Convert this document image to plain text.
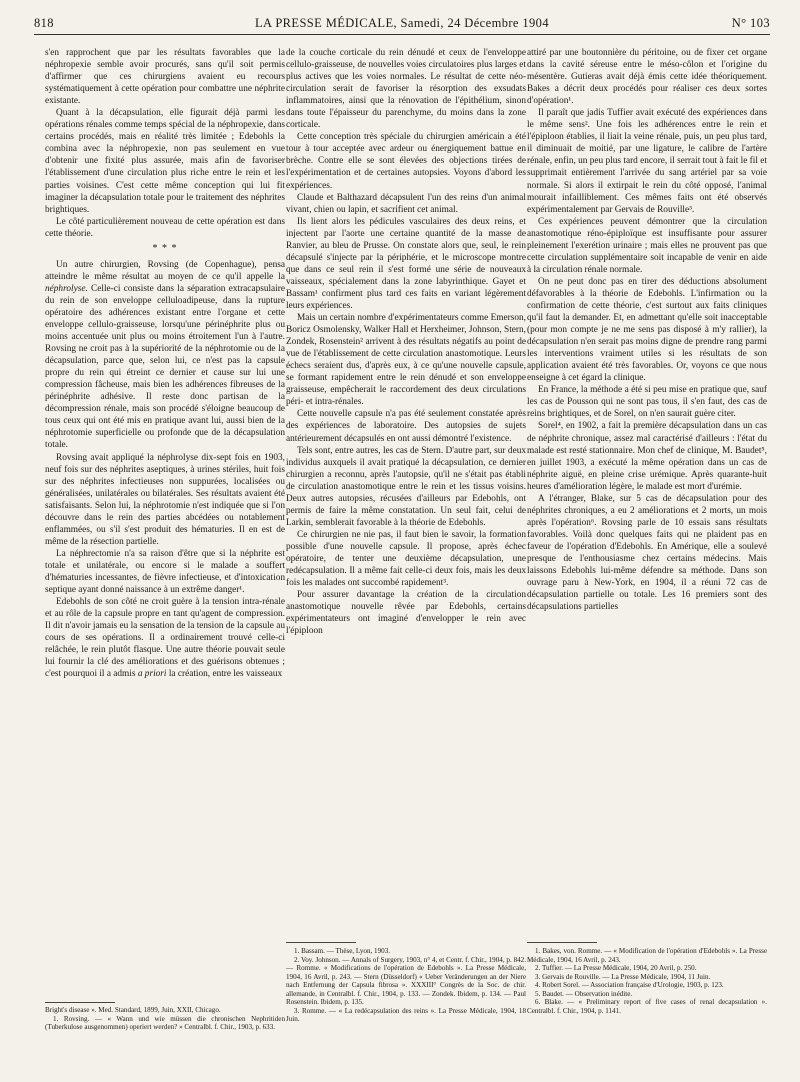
818	LA PRESSE MÉDICALE, Samedi, 24 Décembre 1904	N° 103

s'en rapprochent que par les résultats favorables que la néphropexie semble avoir procurés, sans qu'il soit permis d'affirmer que ces chirurgiens avaient eu recours systématiquement à cette opération pour combattre une néphrite existante.

Quant à la décapsulation, elle figurait déjà parmi les opérations rénales comme temps spécial de la néphropexie, dans certains procédés, mais en réalité très limitée ; Edebohls la combina avec la néphropexie, non pas seulement en vue d'obtenir une fixité plus assurée, mais afin de favoriser l'établissement d'une circulation plus riche entre le rein et les parties voisines. C'est cette même conception qui lui fit imaginer la décapsulation totale pour le traitement des néphrites brightiques.

Le côté particulièrement nouveau de cette opération est dans cette théorie.

* * *

Un autre chirurgien, Rovsing (de Copenhague), pensa atteindre le même résultat au moyen de ce qu'il appelle la néphrolyse. Celle-ci consiste dans la séparation extracapsulaire du rein de son enveloppe celluloadipeuse, dans la rupture opératoire des adhérences existant entre l'organe et cette enveloppe cellulo-graisseuse, lorsqu'une périnéphrite plus ou moins accentuée unit plus ou moins étroitement l'un à l'autre. Rovsing ne croit pas à la supériorité de la néphrotomie ou de la décapsulation, parce que, selon lui, ce n'est pas la capsule propre du rein qui étreint ce dernier et cause sur lui une compression fâcheuse, mais bien les adhérences fibreuses de la périnéphrite adhésive. Il reste donc partisan de la décompression rénale, mais son procédé s'éloigne beaucoup de tous ceux qui ont été mis en pratique avant lui, aussi bien de la néphrotomie superficielle ou profonde que de la décapsulation totale.

Rovsing avait appliqué la néphrolyse dix-sept fois en 1903, neuf fois sur des néphrites aseptiques, à urines stériles, huit fois sur des néphrites infectieuses non suppurées, localisées ou généralisées, unilatérales ou bilatérales. Ses résultats avaient été satisfaisants. Selon lui, la néphrotomie n'est indiquée que si l'on découvre dans le rein des parties abcédées ou notablement enflammées, ou s'il s'est produit des hématuries. Il en est de même de la résection partielle.

La néphrectomie n'a sa raison d'être que si la néphrite est totale et unilatérale, ou encore si le malade a souffert d'hématuries incessantes, de fièvre infectieuse, et d'intoxication septique ayant donné naissance à un extrême danger¹.

Edebohls de son côté ne croit guère à la tension intra-rénale et au rôle de la capsule propre en tant qu'agent de compression. Il dit n'avoir jamais eu la sensation de la tension de la capsule au cours de ses opérations. Il a ordinairement trouvé celle-ci relâchée, le rein plutôt flasque. Une autre théorie pouvait seule lui fournir la clé des améliorations et des guérisons obtenues ; c'est pourquoi il a admis a priori la création, entre les vaisseaux

Bright's disease ». Med. Standard, 1899, Juin, XXII, Chicago.

1. Rovsing. — « Wann und wie müssen die chronischen Nephritiden (Tuberkulose ausgenommen) operiert werden? » Centralbl. f. Chir., 1903, p. 633.

de la couche corticale du rein dénudé et ceux de l'enveloppe cellulo-graisseuse, de nouvelles voies circulatoires plus larges et plus actives que les voies normales. Le résultat de cette néo-circulation serait de favoriser la résorption des exsudats inflammatoires, ainsi que la rénovation de l'épithélium, sinon dans toute l'épaisseur du parenchyme, du moins dans la zone corticale.

Cette conception très spéciale du chirurgien américain a été tour à tour acceptée avec ardeur ou énergiquement battue en brèche. Contre elle se sont élevées des objections tirées de l'expérimentation et de certaines autopsies. Voyons d'abord les expériences.

Claude et Balthazard décapsulent l'un des reins d'un animal vivant, chien ou lapin, et sacrifient cet animal.

Ils lient alors les pédicules vasculaires des deux reins, et injectent par l'aorte une certaine quantité de la masse de Ranvier, au bleu de Prusse. On constate alors que, seul, le rein décapsulé s'injecte par la périphérie, et le microscope montre que dans ce seul rein il s'est formé une série de nouveaux vaisseaux, spécialement dans la zone labyrinthique. Gayet et Bassam¹ confirment plus tard ces faits en variant légèrement leurs expériences.

Mais un certain nombre d'expérimentateurs comme Emerson, Boricz Osmolensky, Walker Hall et Herxheimer, Johnson, Stern, Zondek, Rosenstein² arrivent à des résultats négatifs au point de vue de l'établissement de cette circulation anastomotique. Leurs échecs seraient dus, d'après eux, à ce qu'une nouvelle capsule, se formant rapidement entre le rein dénudé et son enveloppe graisseuse, empêcherait le raccordement des deux circulations péri- et intra-rénales.

Cette nouvelle capsule n'a pas été seulement constatée après des expériences de laboratoire. Des autopsies de sujets antérieurement décapsulés en ont aussi démontré l'existence.

Tels sont, entre autres, les cas de Stern. D'autre part, sur deux individus auxquels il avait pratiqué la décapsulation, ce dernier chirurgien a reconnu, après l'autopsie, qu'il ne s'était pas établi de circulation anastomotique entre le rein et les tissus voisins. Deux autres autopsies, récusées d'ailleurs par Edebohls, ont permis de faire la même constatation. Un seul fait, celui de Larkin, semblerait favorable à la théorie de Edebohls.

Ce chirurgien ne nie pas, il faut bien le savoir, la formation possible d'une nouvelle capsule. Il propose, après échec opératoire, de tenter une deuxième décapsulation, une redécapsulation. Il a même fait celle-ci deux fois, mais les deux fois les malades ont succombé rapidement³.

Pour assurer davantage la création de la circulation anastomotique nouvelle rêvée par Edebohls, certains expérimentateurs ont imaginé d'envelopper le rein avec l'épiploon

1. Bassam. — Thèse, Lyon, 1903.

2. Voy. Johnson. — Annals of Surgery, 1903, n° 4, et Centr. f. Chir., 1904, p. 842. — Romme. « Modifications de l'opération de Edebohls ». La Presse Médicale, 1904, 16 Avril, p. 243. — Stern (Düsseldorf) « Ueber Veränderungen an der Niere nach Entfernung der Capsula fibrosa ». XXXIII° Congrès de la Soc. de chir. allemande, in Centralbl. f. Chir., 1904, p. 133. — Zondek. Ibidem, p. 134. — Paul Rosenstein. Ibidem, p. 135.

3. Romme. — « La redécapsulation des reins ». La Presse Médicale, 1904, 18 Juin.

attiré par une boutonnière du péritoine, ou de fixer cet organe dans la cavité séreuse entre le méso-côlon et l'origine du mésentère. Gutieras avait déjà émis cette idée théoriquement. Bakes a décrit deux procédés pour réaliser ces deux sortes d'opération¹.

Il paraît que jadis Tuffier avait exécuté des expériences dans le même sens². Une fois les adhérences entre le rein et l'épiploon établies, il liait la veine rénale, puis, un peu plus tard, il diminuait de moitié, par une ligature, le calibre de l'artère rénale, enfin, un peu plus tard encore, il serrait tout à fait le fil et supprimait entièrement l'arrivée du sang artériel par sa voie normale. Si alors il extirpait le rein du côté opposé, l'animal mourait infailliblement. Ces mêmes faits ont été observés expérimentalement par Gervais de Rouville³.

Ces expériences peuvent démontrer que la circulation anastomotique réno-épiploïque est insuffisante pour assurer pleinement l'exerétion urinaire ; mais elles ne prouvent pas que cette circulation supplémentaire soit incapable de venir en aide à la circulation rénale normale.

On ne peut donc pas en tirer des déductions absolument défavorables à la théorie de Edebohls. L'infirmation ou la confirmation de cette théorie, c'est surtout aux faits cliniques qu'il faut la demander. Et, en admettant qu'elle soit inacceptable (pour mon compte je ne me sens pas disposé à m'y rallier), la décapsulation n'en serait pas moins digne de prendre rang parmi les interventions vraiment utiles si les résultats de son application avaient été très favorables. Or, voyons ce que nous enseigne à cet égard la clinique.

En France, la méthode a été si peu mise en pratique que, sauf les cas de Pousson qui ne sont pas tous, il s'en faut, des cas de reins brightiques, et de Sorel, on n'en saurait guère citer.

Sorel⁴, en 1902, a fait la première décapsulation dans un cas de néphrite chronique, assez mal caractérisé d'ailleurs : l'état du malade est resté stationnaire. Mon chef de clinique, M. Baudet⁵, en juillet 1903, a exécuté la même opération dans un cas de néphrite aiguë, en pleine crise urémique. Après quarante-huit heures d'amélioration légère, le malade est mort d'urémie.

A l'étranger, Blake, sur 5 cas de décapsulation pour des néphrites chroniques, a eu 2 améliorations et 2 morts, un mois après l'opération⁶. Rovsing parle de 10 essais sans résultats favorables. Voilà donc quelques faits qui ne plaident pas en faveur de l'opération d'Edebohls. En Amérique, elle a soulevé presque de l'enthousiasme chez certains médecins. Mais laissons Edebohls lui-même défendre sa méthode. Dans son ouvrage paru à New-York, en 1904, il a réuni 72 cas de décapsulation partielle ou totale. Les 16 premiers sont des décapsulations partielles

1. Bakes, von. Romme. — « Modification de l'opération d'Edebohls ». La Presse Médicale, 1904, 16 Avril, p. 243.

2. Tuffier. — La Presse Médicale, 1904, 20 Avril, p. 250.

3. Gervais de Rouville. — La Presse Médicale, 1904, 11 Juin.

4. Robert Sorel. — Association française d'Urologie, 1903, p. 123.

5. Baudet. — Observation inédite.

6. Blake. — « Preliminary report of five cases of renal decapsulation ». Centralbl. f. Chir., 1904, p. 1141.
